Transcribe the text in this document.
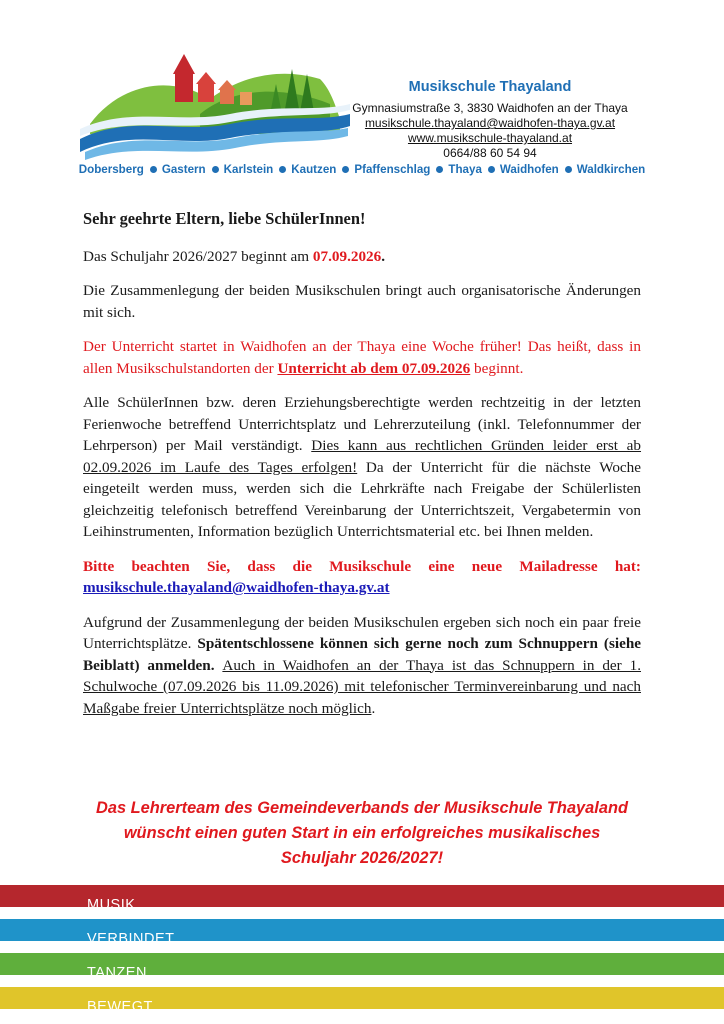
Musikschule Thayaland
Gymnasiumstraße 3, 3830 Waidhofen an der Thaya
musikschule.thayaland@waidhofen-thaya.gv.at
www.musikschule-thayaland.at
0664/88 60 54 94
Dobersberg Gastern Karlstein Kautzen Pfaffenschlag Thaya Waidhofen Waldkirchen

Sehr geehrte Eltern, liebe SchülerInnen!

Das Schuljahr 2026/2027 beginnt am 07.09.2026.

Die Zusammenlegung der beiden Musikschulen bringt auch organisatorische Änderungen mit sich.

Der Unterricht startet in Waidhofen an der Thaya eine Woche früher! Das heißt, dass in allen Musikschulstandorten der Unterricht ab dem 07.09.2026 beginnt.

Alle SchülerInnen bzw. deren Erziehungsberechtigte werden rechtzeitig in der letzten Ferienwoche betreffend Unterrichtsplatz und Lehrerzuteilung (inkl. Telefonnummer der Lehrperson) per Mail verständigt. Dies kann aus rechtlichen Gründen leider erst ab 02.09.2026 im Laufe des Tages erfolgen! Da der Unterricht für die nächste Woche eingeteilt werden muss, werden sich die Lehrkräfte nach Freigabe der Schülerlisten gleichzeitig telefonisch betreffend Vereinbarung der Unterrichtszeit, Vergabetermin von Leihinstrumenten, Information bezüglich Unterrichtsmaterial etc. bei Ihnen melden.

Bitte beachten Sie, dass die Musikschule eine neue Mailadresse hat: musikschule.thayaland@waidhofen-thaya.gv.at

Aufgrund der Zusammenlegung der beiden Musikschulen ergeben sich noch ein paar freie Unterrichtsplätze. Spätentschlossene können sich gerne noch zum Schnuppern (siehe Beiblatt) anmelden. Auch in Waidhofen an der Thaya ist das Schnuppern in der 1. Schulwoche (07.09.2026 bis 11.09.2026) mit telefonischer Terminvereinbarung und nach Maßgabe freier Unterrichtsplätze noch möglich.

Das Lehrerteam des Gemeindeverbands der Musikschule Thayaland
wünscht einen guten Start in ein erfolgreiches musikalisches
Schuljahr 2026/2027!
MUSIK
VERBINDET
TANZEN
BEWEGT
